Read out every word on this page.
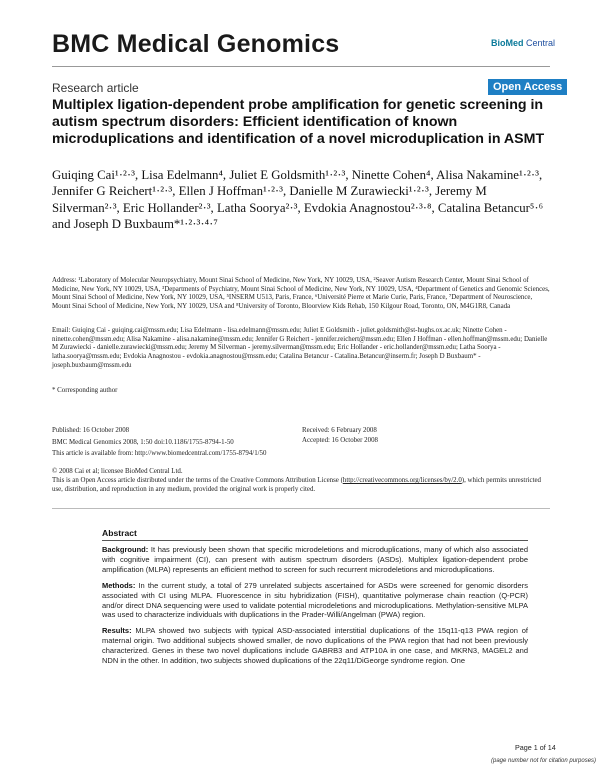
BMC Medical Genomics	BioMed Central
Research article	Open Access
Multiplex ligation-dependent probe amplification for genetic screening in autism spectrum disorders: Efficient identification of known microduplications and identification of a novel microduplication in ASMT
Guiqing Cai¹·²·³, Lisa Edelmann⁴, Juliet E Goldsmith¹·²·³, Ninette Cohen⁴, Alisa Nakamine¹·²·³, Jennifer G Reichert¹·²·³, Ellen J Hoffman¹·²·³, Danielle M Zurawiecki¹·²·³, Jeremy M Silverman²·³, Eric Hollander²·³, Latha Soorya²·³, Evdokia Anagnostou²·³·⁸, Catalina Betancur⁵·⁶ and Joseph D Buxbaum*¹·²·³·⁴·⁷
Address: ¹Laboratory of Molecular Neuropsychiatry, Mount Sinai School of Medicine, New York, NY 10029, USA, ²Seaver Autism Research Center, Mount Sinai School of Medicine, New York, NY 10029, USA, ³Departments of Psychiatry, Mount Sinai School of Medicine, New York, NY 10029, USA, ⁴Department of Genetics and Genomic Sciences, Mount Sinai School of Medicine, New York, NY 10029, USA, ⁵INSERM U513, Paris, France, ⁶Université Pierre et Marie Curie, Paris, France, ⁷Department of Neuroscience, Mount Sinai School of Medicine, New York, NY 10029, USA and ⁸University of Toronto, Bloorview Kids Rehab, 150 Kilgour Road, Toronto, ON, M4G1R8, Canada
Email: Guiqing Cai - guiqing.cai@mssm.edu; Lisa Edelmann - lisa.edelmann@mssm.edu; Juliet E Goldsmith - juliet.goldsmith@st-hughs.ox.ac.uk; Ninette Cohen - ninette.cohen@mssm.edu; Alisa Nakamine - alisa.nakamine@mssm.edu; Jennifer G Reichert - jennifer.reichert@mssm.edu; Ellen J Hoffman - ellen.hoffman@mssm.edu; Danielle M Zurawiecki - danielle.zurawiecki@mssm.edu; Jeremy M Silverman - jeremy.silverman@mssm.edu; Eric Hollander - eric.hollander@mssm.edu; Latha Soorya - latha.soorya@mssm.edu; Evdokia Anagnostou - evdokia.anagnostou@mssm.edu; Catalina Betancur - Catalina.Betancur@inserm.fr; Joseph D Buxbaum* - joseph.buxbaum@mssm.edu
* Corresponding author
Published: 16 October 2008	Received: 6 February 2008
BMC Medical Genomics 2008, 1:50 doi:10.1186/1755-8794-1-50	Accepted: 16 October 2008
This article is available from: http://www.biomedcentral.com/1755-8794/1/50
© 2008 Cai et al; licensee BioMed Central Ltd.
This is an Open Access article distributed under the terms of the Creative Commons Attribution License (http://creativecommons.org/licenses/by/2.0), which permits unrestricted use, distribution, and reproduction in any medium, provided the original work is properly cited.
Abstract

Background: It has previously been shown that specific microdeletions and microduplications, many of which also associated with cognitive impairment (CI), can present with autism spectrum disorders (ASDs). Multiplex ligation-dependent probe amplification (MLPA) represents an efficient method to screen for such recurrent microdeletions and microduplications.

Methods: In the current study, a total of 279 unrelated subjects ascertained for ASDs were screened for genomic disorders associated with CI using MLPA. Fluorescence in situ hybridization (FISH), quantitative polymerase chain reaction (Q-PCR) and/or direct DNA sequencing were used to validate potential microdeletions and microduplications. Methylation-sensitive MLPA was used to characterize individuals with duplications in the Prader-Willi/Angelman (PWA) region.

Results: MLPA showed two subjects with typical ASD-associated interstitial duplications of the 15q11-q13 PWA region of maternal origin. Two additional subjects showed smaller, de novo duplications of the PWA region that had not been previously characterized. Genes in these two novel duplications include GABRB3 and ATP10A in one case, and MKRN3, MAGEL2 and NDN in the other. In addition, two subjects showed duplications of the 22q11/DiGeorge syndrome region. One

Page 1 of 14
(page number not for citation purposes)
